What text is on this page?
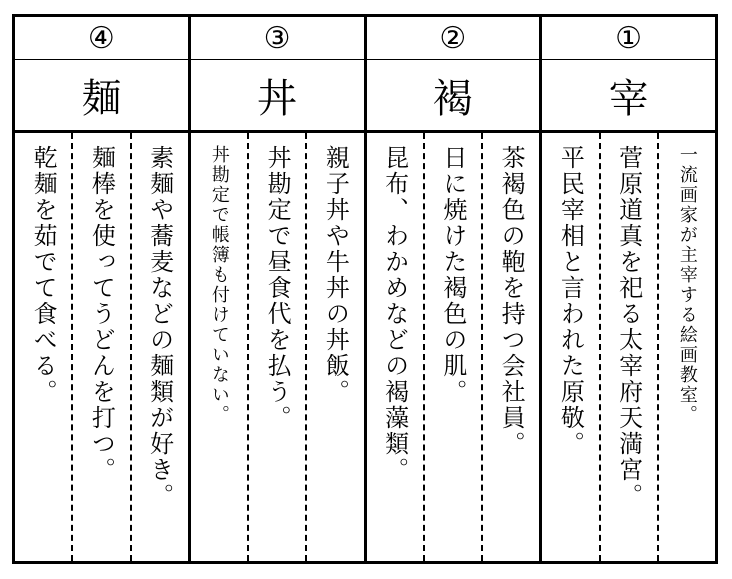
④
麺
素麺や蕎麦などの麺類が好き。
麺棒を使ってうどんを打つ。
乾麺を茹でて食べる。
③
丼
親子丼や牛丼の丼飯。
丼勘定で昼食代を払う。
丼勘定で帳簿も付けていない。
②
褐
茶褐色の鞄を持つ会社員。
日に焼けた褐色の肌。
昆布、わかめなどの褐藻類。
①
宰
一流画家が主宰する絵画教室。
菅原道真を祀る太宰府天満宮。
平民宰相と言われた原敬。
